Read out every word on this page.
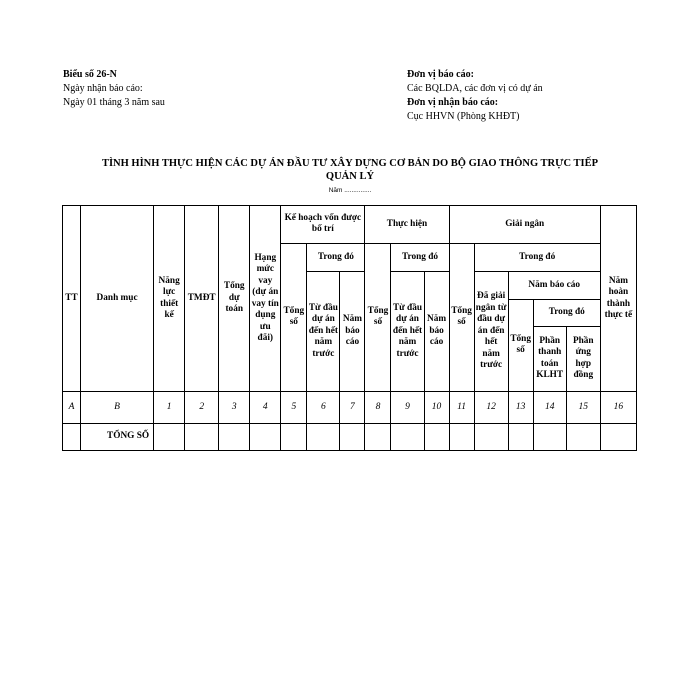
Biểu số 26-N
Ngày nhận báo cáo:
Ngày 01 tháng 3 năm sau
Đơn vị báo cáo:
Các BQLDA, các đơn vị có dự án
Đơn vị nhận báo cáo:
Cục HHVN (Phòng KHĐT)
TÌNH HÌNH THỰC HIỆN CÁC DỰ ÁN ĐẦU TƯ XÂY DỰNG CƠ BẢN DO BỘ GIAO THÔNG TRỰC TIẾP
QUẢN LÝ
Năm ...............
TT	Danh mục	Năng lực thiết kế	TMĐT	Tổng dự toán	Hạng mức vay (dự án vay tín dụng ưu đãi)	Kế hoạch vốn được bố trí			Thực hiện			Giải ngân					Năm hoàn thành thực tế
						Tổng số	Trong đó		Tổng số	Trong đó		Tổng số	Trong đó				
							Từ đầu dự án đến hết năm trước	Năm báo cáo		Từ đầu dự án đến hết năm trước	Năm báo cáo		Đã giải ngân từ đầu dự án đến hết năm trước	Năm báo cáo			
														Tổng số	Trong đó		
															Phần thanh toán KLHT	Phần ứng hợp đồng	
A	B	1	2	3	4	5	6	7	8	9	10	11	12	13	14	15	16
	TỔNG SỐ																
